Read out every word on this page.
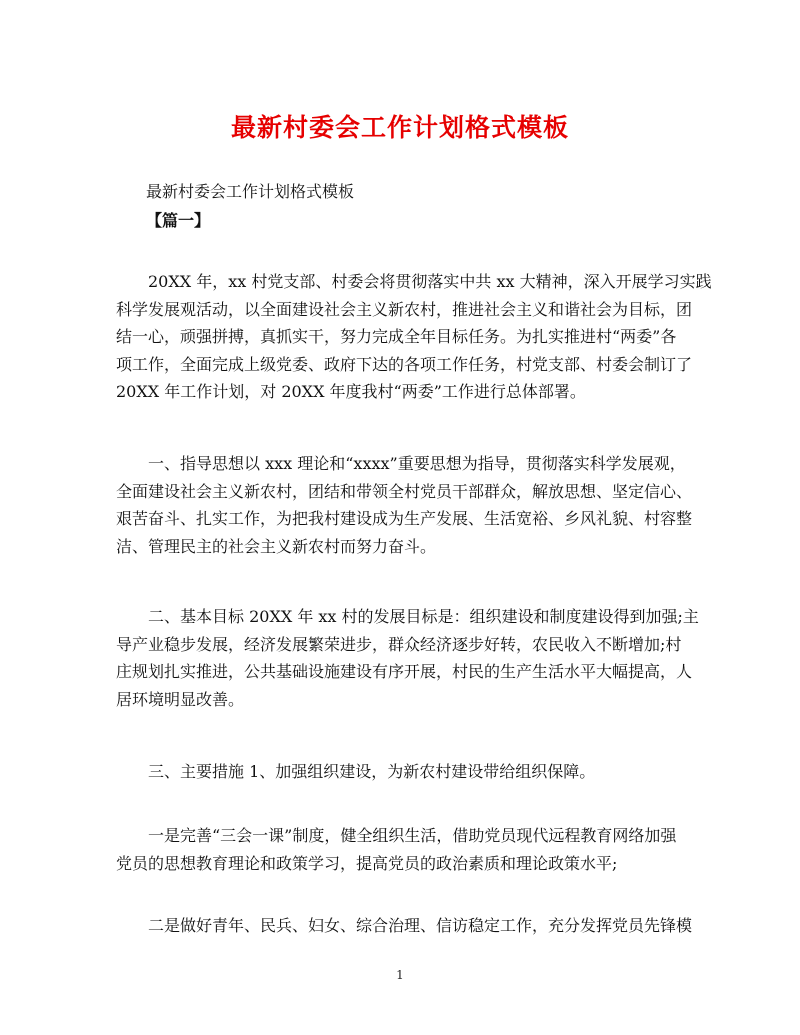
最新村委会工作计划格式模板
最新村委会工作计划格式模板
【篇一】
　　20XX 年，xx 村党支部、村委会将贯彻落实中共 xx 大精神，深入开展学习实践
科学发展观活动，以全面建设社会主义新农村，推进社会主义和谐社会为目标，团
结一心，顽强拼搏，真抓实干，努力完成全年目标任务。为扎实推进村“两委”各
项工作，全面完成上级党委、政府下达的各项工作任务，村党支部、村委会制订了
20XX 年工作计划，对 20XX 年度我村“两委”工作进行总体部署。
　　一、指导思想以 xxx 理论和“xxxx”重要思想为指导，贯彻落实科学发展观，
全面建设社会主义新农村，团结和带领全村党员干部群众，解放思想、坚定信心、
艰苦奋斗、扎实工作，为把我村建设成为生产发展、生活宽裕、乡风礼貌、村容整
洁、管理民主的社会主义新农村而努力奋斗。
　　二、基本目标 20XX 年 xx 村的发展目标是：组织建设和制度建设得到加强;主
导产业稳步发展，经济发展繁荣进步，群众经济逐步好转，农民收入不断增加;村
庄规划扎实推进，公共基础设施建设有序开展，村民的生产生活水平大幅提高，人
居环境明显改善。
　　三、主要措施 1、加强组织建设，为新农村建设带给组织保障。
　　一是完善“三会一课”制度，健全组织生活，借助党员现代远程教育网络加强
党员的思想教育理论和政策学习，提高党员的政治素质和理论政策水平;
　　二是做好青年、民兵、妇女、综合治理、信访稳定工作，充分发挥党员先锋模
1
